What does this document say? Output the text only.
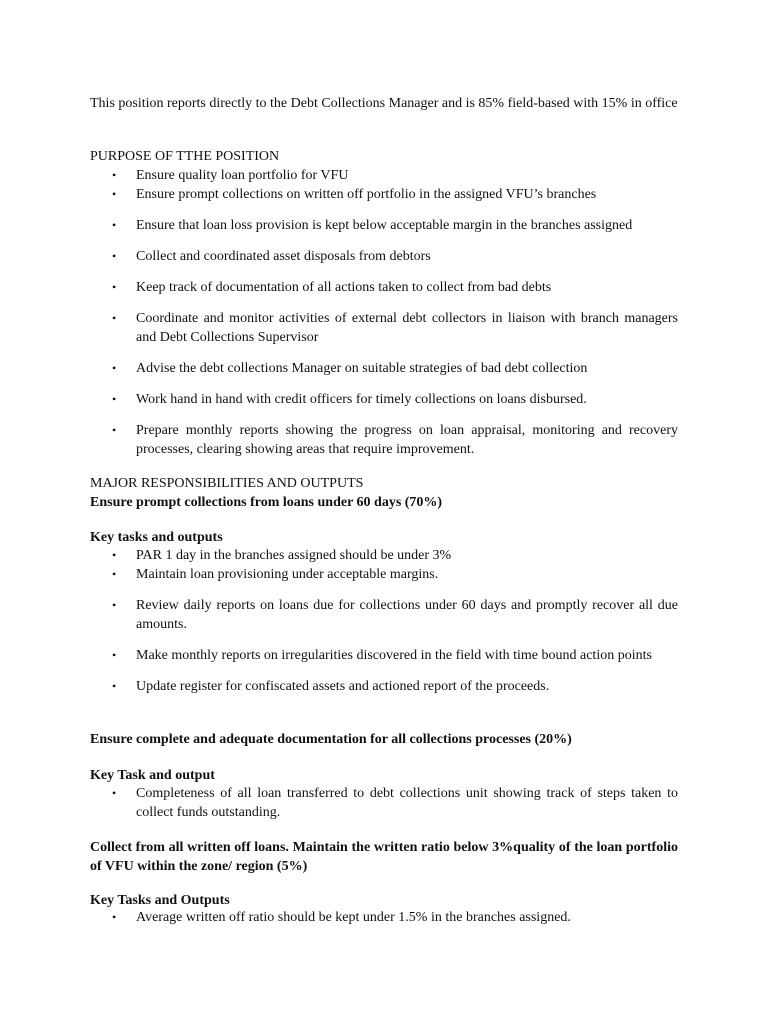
This position reports directly to the Debt Collections Manager and is 85% field-based with 15% in office

PURPOSE OF TTHE POSITION

• Ensure quality loan portfolio for VFU
• Ensure prompt collections on written off portfolio in the assigned VFU’s branches
• Ensure that loan loss provision is kept below acceptable margin in the branches assigned
• Collect and coordinated asset disposals from debtors
• Keep track of documentation of all actions taken to collect from bad debts
• Coordinate and monitor activities of external debt collectors in liaison with branch managers and Debt Collections Supervisor
• Advise the debt collections Manager on suitable strategies of bad debt collection
• Work hand in hand with credit officers for timely collections on loans disbursed.
• Prepare monthly reports showing the progress on loan appraisal, monitoring and recovery processes, clearing showing areas that require improvement.

MAJOR RESPONSIBILITIES AND OUTPUTS

Ensure prompt collections from loans under 60 days (70%)

Key tasks and outputs

• PAR 1 day in the branches assigned should be under 3%
• Maintain loan provisioning under acceptable margins.
• Review daily reports on loans due for collections under 60 days and promptly recover all due amounts.
• Make monthly reports on irregularities discovered in the field with time bound action points
• Update register for confiscated assets and actioned report of the proceeds.

Ensure complete and adequate documentation for all collections processes (20%)

Key Task and output

• Completeness of all loan transferred to debt collections unit showing track of steps taken to collect funds outstanding.

Collect from all written off loans. Maintain the written ratio below 3%quality of the loan portfolio of VFU within the zone/ region (5%)

Key Tasks and Outputs

• Average written off ratio should be kept under 1.5% in the branches assigned.
